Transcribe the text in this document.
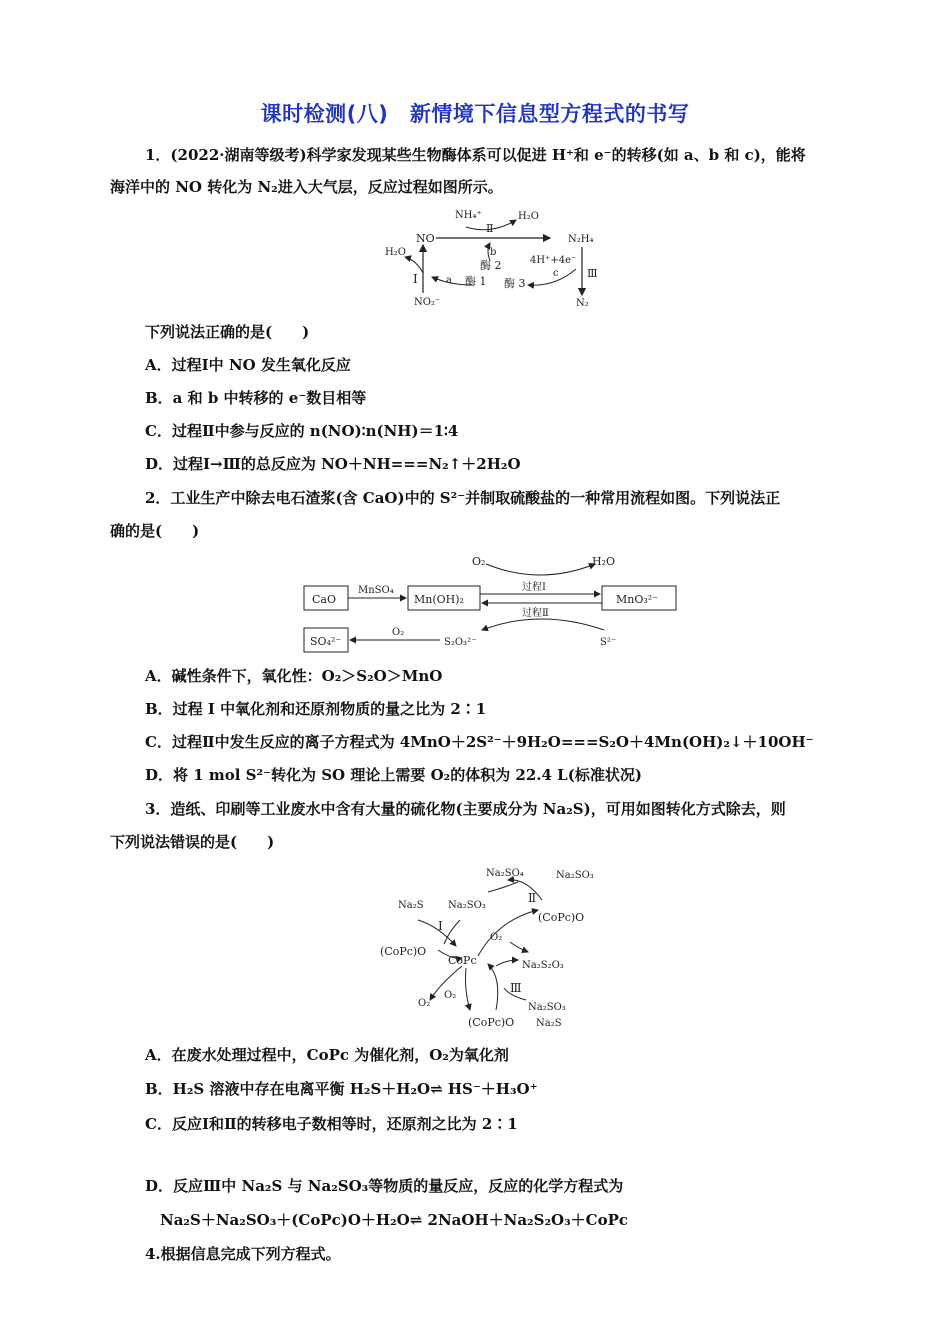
课时检测(八)　新情境下信息型方程式的书写
1．(2022·湖南等级考)科学家发现某些生物酶体系可以促进 H⁺和 e⁻的转移(如 a、b 和 c)，能将
海洋中的 NO 转化为 N₂进入大气层，反应过程如图所示。
NH₄⁺	H₂O
NO
Ⅱ
N₂H₄
H₂O	b
酶 2	4H⁺+4e⁻
Ⅲ
Ⅰ	a 酶 1
c
酶 3
NO₂⁻	N₂
下列说法正确的是(　　)
A．过程Ⅰ中 NO 发生氧化反应
B．a 和 b 中转移的 e⁻数目相等
C．过程Ⅱ中参与反应的 n(NO)∶n(NH)＝1∶4
D．过程Ⅰ→Ⅲ的总反应为 NO＋NH===N₂↑＋2H₂O
2．工业生产中除去电石渣浆(含 CaO)中的 S²⁻并制取硫酸盐的一种常用流程如图。下列说法正
确的是(　　)
O₂	H₂O
CaO
MnSO₄
Mn(OH)₂
过程Ⅰ
过程Ⅱ
MnO₃²⁻
SO₄²⁻
O₂
S₂O₃²⁻	S²⁻
A．碱性条件下，氧化性：O₂＞S₂O＞MnO
B．过程 Ⅰ 中氧化剂和还原剂物质的量之比为 2∶1
C．过程Ⅱ中发生反应的离子方程式为 4MnO＋2S²⁻＋9H₂O===S₂O＋4Mn(OH)₂↓＋10OH⁻
D．将 1 mol S²⁻转化为 SO 理论上需要 O₂的体积为 22.4 L(标准状况)
3．造纸、印刷等工业废水中含有大量的硫化物(主要成分为 Na₂S)，可用如图转化方式除去，则
下列说法错误的是(　　)
Na₂SO₄	Na₂SO₃
Ⅱ
Na₂S
Ⅰ
Na₂SO₃
(CoPc)O
O₂
(CoPc)O
CoPc	Na₂S₂O₃
Ⅲ
O₂
O₂	Na₂SO₃
(CoPc)O Na₂S
A．在废水处理过程中，CoPc 为催化剂，O₂为氧化剂
B．H₂S 溶液中存在电离平衡 H₂S＋H₂O⇌ HS⁻＋H₃O⁺
C．反应Ⅰ和Ⅱ的转移电子数相等时，还原剂之比为 2∶1
D．反应Ⅲ中 Na₂S 与 Na₂SO₃等物质的量反应，反应的化学方程式为
Na₂S＋Na₂SO₃＋(CoPc)O＋H₂O⇌ 2NaOH＋Na₂S₂O₃＋CoPc
4.根据信息完成下列方程式。
